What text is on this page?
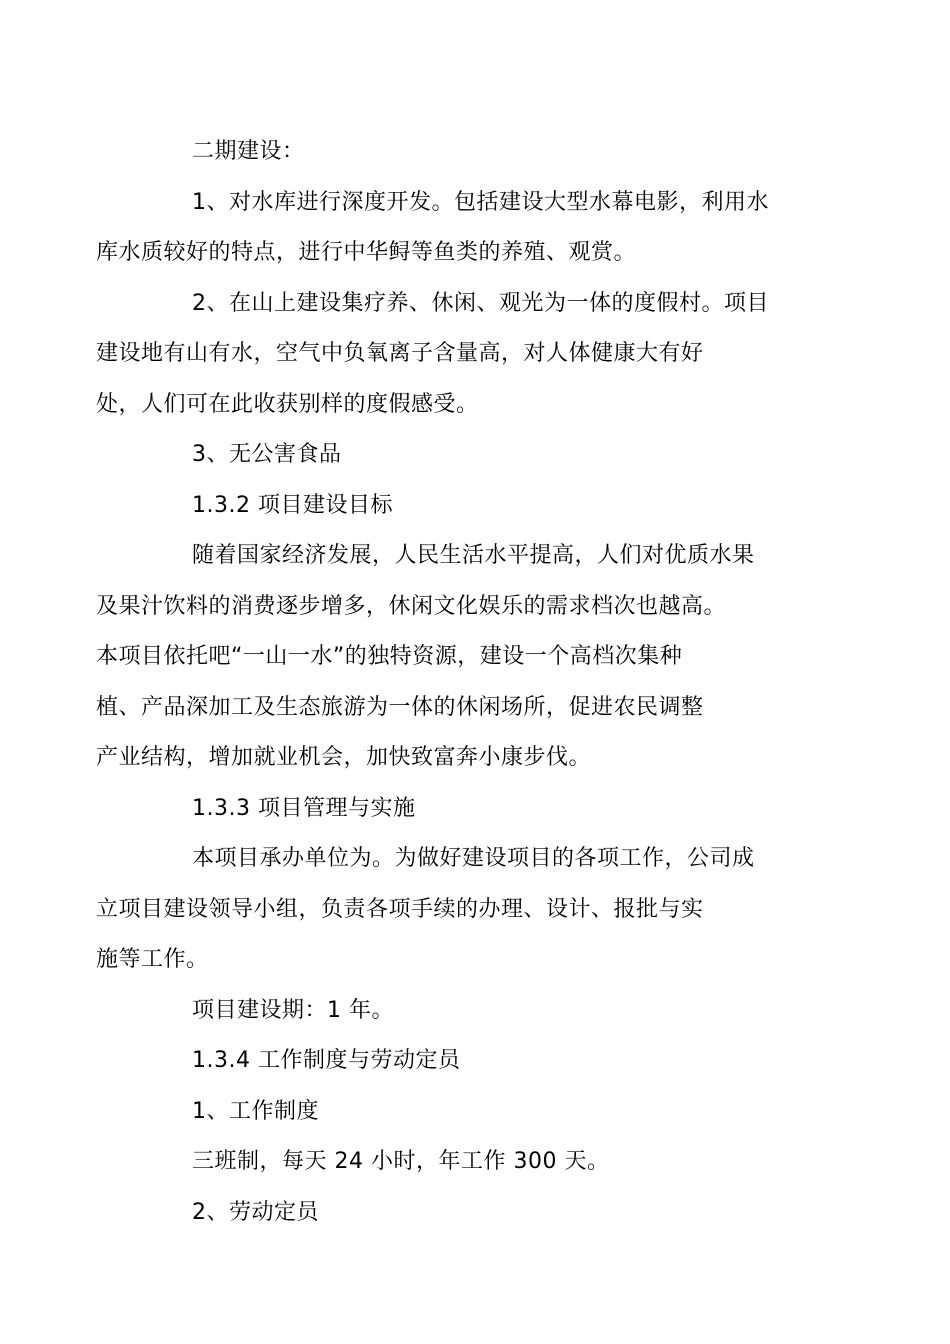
二期建设：

1、对水库进行深度开发。包括建设大型水幕电影，利用水
库水质较好的特点，进行中华鲟等鱼类的养殖、观赏。

2、在山上建设集疗养、休闲、观光为一体的度假村。项目
建设地有山有水，空气中负氧离子含量高，对人体健康大有好
处，人们可在此收获别样的度假感受。

3、无公害食品

1.3.2 项目建设目标

随着国家经济发展，人民生活水平提高，人们对优质水果
及果汁饮料的消费逐步增多，休闲文化娱乐的需求档次也越高。
本项目依托吧“一山一水”的独特资源，建设一个高档次集种
植、产品深加工及生态旅游为一体的休闲场所，促进农民调整
产业结构，增加就业机会，加快致富奔小康步伐。

1.3.3 项目管理与实施

本项目承办单位为。为做好建设项目的各项工作，公司成
立项目建设领导小组，负责各项手续的办理、设计、报批与实
施等工作。

项目建设期：1 年。

1.3.4 工作制度与劳动定员

1、工作制度

三班制，每天 24 小时，年工作 300 天。

2、劳动定员
